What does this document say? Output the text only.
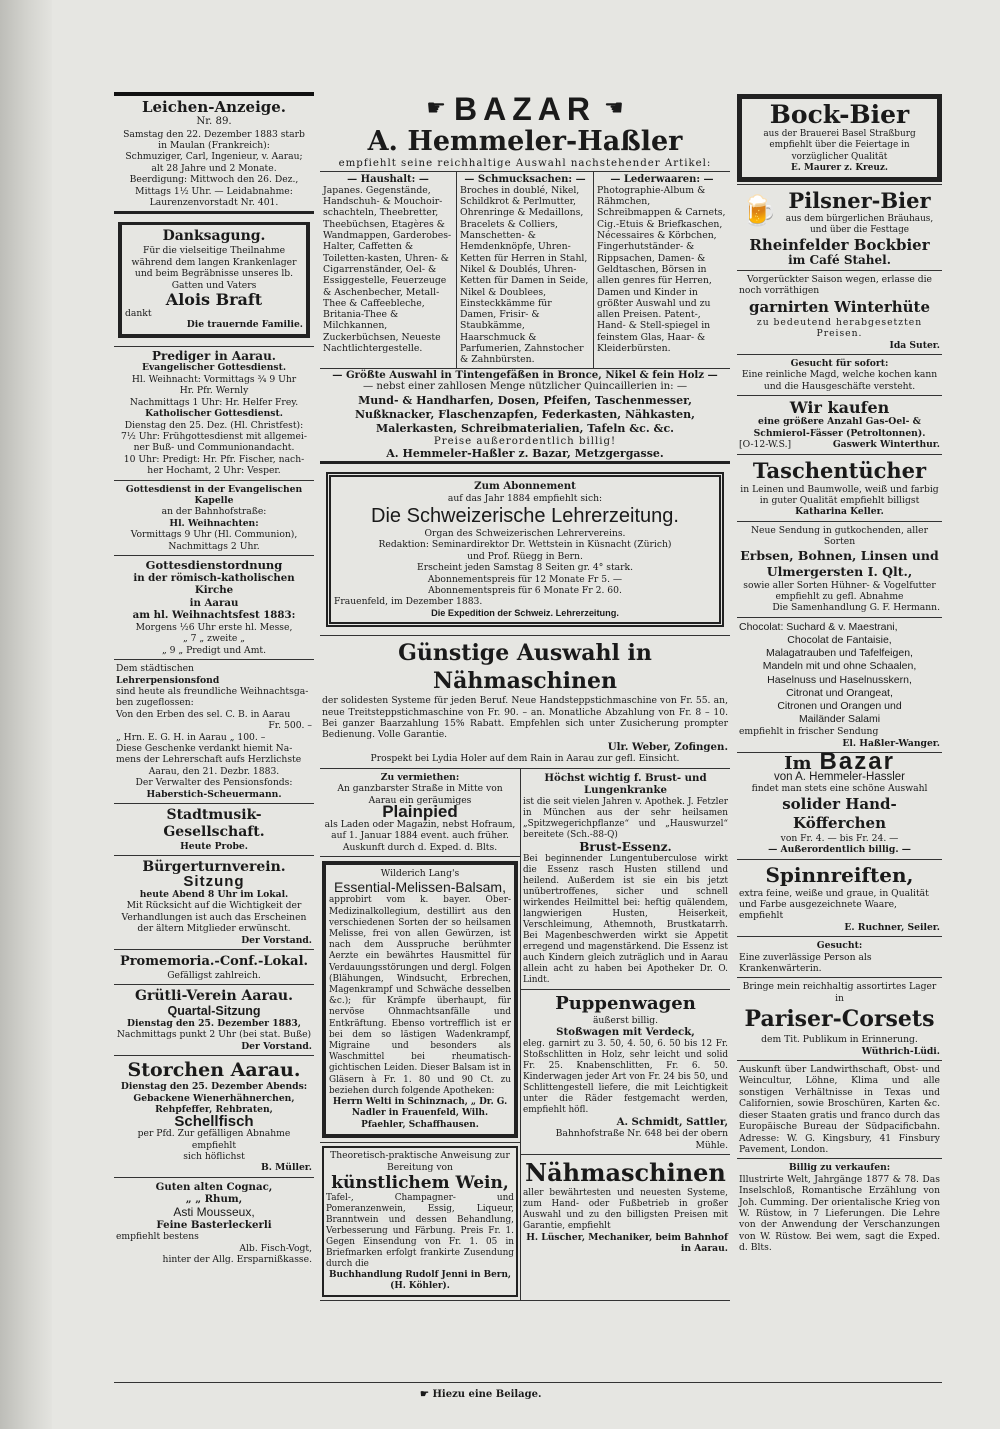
Leichen-Anzeige.
Nr. 89.
Samstag den 22. Dezember 1883 starb
in Maulan (Frankreich):
Schmuziger, Carl, Ingenieur, v. Aarau;
alt 28 Jahre und 2 Monate.
Beerdigung: Mittwoch den 26. Dez.,
Mittags 1½ Uhr. — Leidabnahme:
Laurenzenvorstadt Nr. 401.
Danksagung.
Für die vielseitige Theilnahme
während dem langen Krankenlager
und beim Begräbnisse unseres lb.
Gatten und Vaters
Alois Braft
dankt
Die trauernde Familie.
Prediger in Aarau.
Evangelischer Gottesdienst.
Hl. Weihnacht: Vormittags ¾ 9 Uhr
Hr. Pfr. Wernly
Nachmittags 1 Uhr: Hr. Helfer Frey.
Katholischer Gottesdienst.
Dienstag den 25. Dez. (Hl. Christfest):
7½ Uhr: Frühgottesdienst mit allgemei-
ner Buß- und Communionandacht.
10 Uhr: Predigt: Hr. Pfr. Fischer, nach-
her Hochamt, 2 Uhr: Vesper.
Gottesdienst in der Evangelischen Kapelle
an der Bahnhofstraße:
Hl. Weihnachten:
Vormittags 9 Uhr (Hl. Communion),
Nachmittags 2 Uhr.
Gottesdienstordnung
in der römisch-katholischen Kirche
in Aarau
am hl. Weihnachtsfest 1883:
Morgens ½6 Uhr erste hl. Messe,
„ 7 „ zweite „
„ 9 „ Predigt und Amt.
Dem städtischen
Lehrerpensionsfond
sind heute als freundliche Weihnachtsga-
ben zugeflossen:
Von den Erben des sel. C. B. in Aarau
Fr. 500. –
„ Hrn. E. G. H. in Aarau „ 100. –
Diese Geschenke verdankt hiemit Na-
mens der Lehrerschaft aufs Herzlichste
Aarau, den 21. Dezbr. 1883.
Der Verwalter des Pensionsfonds:
Haberstich-Scheuermann.
Stadtmusik-Gesellschaft.
Heute Probe.
Bürgerturnverein.
Sitzung
heute Abend 8 Uhr im Lokal.
Mit Rücksicht auf die Wichtigkeit der
Verhandlungen ist auch das Erscheinen
der ältern Mitglieder erwünscht.
Der Vorstand.
Promemoria.-Conf.-Lokal.
Gefälligst zahlreich.
Grütli-Verein Aarau.
Quartal-Sitzung
Dienstag den 25. Dezember 1883,
Nachmittags punkt 2 Uhr (bei stat. Buße)
Der Vorstand.
Storchen Aarau.
Dienstag den 25. Dezember Abends:
Gebackene Wienerhähnerchen,
Rehpfeffer, Rehbraten,
Schellfisch
per Pfd. Zur gefälligen Abnahme empfiehlt
sich höflichst
B. Müller.
Guten alten Cognac,
„ „ Rhum,
Asti Mousseux,
Feine Basterleckerli
empfiehlt bestens
Alb. Fisch-Vogt,
hinter der Allg. Ersparnißkasse.
☛ BAZAR ☚
A. Hemmeler-Haßler
empfiehlt seine reichhaltige Auswahl nachstehender Artikel:
— Haushalt: —
Japanes. Gegenstände, Handschuh- & Mouchoir-schachteln, Theebretter, Theebüchsen, Etagères & Wandmappen, Garderobes-Halter, Caffetten & Toiletten-kasten, Uhren- & Cigarrenständer, Oel- & Essiggestelle, Feuerzeuge & Aschenbecher, Metall-Thee & Caffeebleche, Britania-Thee & Milchkannen, Zuckerbüchsen, Neueste Nachtlichtergestelle.
— Schmucksachen: —
Broches in doublé, Nikel, Schildkrot & Perlmutter, Ohrenringe & Medaillons, Bracelets & Colliers, Manschetten- & Hemdenknöpfe, Uhren-Ketten für Herren in Stahl, Nikel & Doublés, Uhren-Ketten für Damen in Seide, Nikel & Doublees, Einsteckkämme für Damen, Frisir- & Staubkämme, Haarschmuck & Parfumerien, Zahnstocher & Zahnbürsten.
— Lederwaaren: —
Photographie-Album & Rähmchen, Schreibmappen & Carnets, Cig.-Etuis & Briefkaschen, Nécessaires & Körbchen, Fingerhutständer- & Rippsachen, Damen- & Geldtaschen, Börsen in allen genres für Herren, Damen und Kinder in größter Auswahl und zu allen Preisen. Patent-, Hand- & Stell-spiegel in feinstem Glas, Haar- & Kleiderbürsten.
— Größte Auswahl in Tintengefäßen in Bronce, Nikel & fein Holz —
— nebst einer zahllosen Menge nützlicher Quincaillerien in: —
Mund- & Handharfen, Dosen, Pfeifen, Taschenmesser, Nußknacker, Flaschenzapfen, Federkasten, Nähkasten, Malerkasten, Schreibmaterialien, Tafeln &c. &c.
Preise außerordentlich billig!
A. Hemmeler-Haßler z. Bazar, Metzgergasse.
Zum Abonnement
auf das Jahr 1884 empfiehlt sich:
Die Schweizerische Lehrerzeitung.
Organ des Schweizerischen Lehrervereins.
Redaktion: Seminardirektor Dr. Wettstein in Küsnacht (Zürich)
und Prof. Rüegg in Bern.
Erscheint jeden Samstag 8 Seiten gr. 4° stark.
Abonnementspreis für 12 Monate Fr 5. —
Abonnementspreis für 6 Monate Fr 2. 60.
Frauenfeld, im Dezember 1883.
Die Expedition der Schweiz. Lehrerzeitung.
Günstige Auswahl in Nähmaschinen
der solidesten Systeme für jeden Beruf. Neue Handsteppstichmaschine von Fr. 55. an, neue Treitsteppstichmaschine von Fr. 90. – an. Monatliche Abzahlung von Fr. 8 – 10. Bei ganzer Baarzahlung 15% Rabatt. Empfehlen sich unter Zusicherung prompter Bedienung. Volle Garantie.
Ulr. Weber, Zofingen.
Prospekt bei Lydia Holer auf dem Rain in Aarau zur gefl. Einsicht.
Zu vermiethen:
An ganzbarster Straße in Mitte von
Aarau ein geräumiges
Plainpied
als Laden oder Magazin, nebst Hofraum,
auf 1. Januar 1884 event. auch früher.
Auskunft durch d. Exped. d. Blts.
Wilderich Lang's
Essential-Melissen-Balsam,
approbirt vom k. bayer. Ober-Medizinalkollegium, destillirt aus den verschiedenen Sorten der so heilsamen Melisse, frei von allen Gewürzen, ist nach dem Ausspruche berühmter Aerzte ein bewährtes Hausmittel für Verdauungsstörungen und dergl. Folgen (Blähungen, Windsucht, Erbrechen, Magenkrampf und Schwäche desselben &c.); für Krämpfe überhaupt, für nervöse Ohnmachtsanfälle und Entkräftung. Ebenso vortrefflich ist er bei dem so lästigen Wadenkrampf, Migraine und besonders als Waschmittel bei rheumatisch-gichtischen Leiden. Dieser Balsam ist in Gläsern à Fr. 1. 80 und 90 Ct. zu beziehen durch folgende Apotheken:
Herrn Welti in Schinznach, „ Dr. G. Nadler in Frauenfeld, Wilh. Pfaehler, Schaffhausen.
Theoretisch-praktische Anweisung zur Bereitung von
künstlichem Wein,
Tafel-, Champagner- und Pomeranzenwein, Essig, Liqueur, Branntwein und dessen Behandlung, Verbesserung und Färbung. Preis Fr. 1. Gegen Einsendung von Fr. 1. 05 in Briefmarken erfolgt frankirte Zusendung durch die
Buchhandlung Rudolf Jenni in Bern, (H. Köhler).
Höchst wichtig f. Brust- und Lungenkranke
ist die seit vielen Jahren v. Apothek. J. Fetzler in München aus der sehr heilsamen „Spitzwegerichpflanze“ und „Hauswurzel“ bereitete (Sch.-88-Q)
Brust-Essenz.
Bei beginnender Lungentuberculose wirkt die Essenz rasch Husten stillend und heilend. Außerdem ist sie ein bis jetzt unübertroffenes, sicher und schnell wirkendes Heilmittel bei: heftig quälendem, langwierigen Husten, Heiserkeit, Verschleimung, Athemnoth, Brustkatarrh. Bei Magenbeschwerden wirkt sie Appetit erregend und magenstärkend. Die Essenz ist auch Kindern gleich zuträglich und in Aarau allein acht zu haben bei Apotheker Dr. O. Lindt.
Puppenwagen
äußerst billig.
Stoßwagen mit Verdeck,
eleg. garnirt zu 3. 50, 4. 50, 6. 50 bis 12 Fr. Stoßschlitten in Holz, sehr leicht und solid Fr. 25. Knabenschlitten, Fr. 6. 50. Kinderwagen jeder Art von Fr. 24 bis 50, und Schlittengestell liefere, die mit Leichtigkeit unter die Räder festgemacht werden, empfiehlt höfl.
A. Schmidt, Sattler,
Bahnhofstraße Nr. 648 bei der obern Mühle.
Nähmaschinen
aller bewährtesten und neuesten Systeme, zum Hand- oder Fußbetrieb in großer Auswahl und zu den billigsten Preisen mit Garantie, empfiehlt
H. Lüscher, Mechaniker, beim Bahnhof in Aarau.
Bock-Bier
aus der Brauerei Basel Straßburg empfiehlt über die Feiertage in vorzüglicher Qualität
E. Maurer z. Kreuz.
🍺 Pilsner-Bier
aus dem bürgerlichen Bräuhaus, und über die Festtage
Rheinfelder Bockbier
im Café Stahel.
Vorgerückter Saison wegen, erlasse die
noch vorräthigen
garnirten Winterhüte
zu bedeutend herabgesetzten Preisen.
Ida Suter.
Gesucht für sofort:
Eine reinliche Magd, welche kochen kann und die Hausgeschäfte versteht.
Wir kaufen
eine größere Anzahl Gas-Oel- & Schmierol-Fässer (Petroltonnen).
[O-12-W.S.]	Gaswerk Winterthur.
Taschentücher
in Leinen und Baumwolle, weiß und farbig in guter Qualität empfiehlt billigst
Katharina Keller.
Neue Sendung in gutkochenden, aller Sorten
Erbsen, Bohnen, Linsen und Ulmergersten I. Qlt.,
sowie aller Sorten Hühner- & Vogelfutter empfiehlt zu gefl. Abnahme
Die Samenhandlung G. F. Hermann.
Chocolat: Suchard & v. Maestrani,
Chocolat de Fantaisie,
Malagatrauben und Tafelfeigen,
Mandeln mit und ohne Schaalen,
Haselnuss und Haselnusskern,
Citronat und Orangeat,
Citronen und Orangen und
Mailänder Salami
empfiehlt in frischer Sendung
El. Haßler-Wanger.
Im Bazar
von A. Hemmeler-Hassler
findet man stets eine schöne Auswahl
solider Hand-Köfferchen
von Fr. 4. — bis Fr. 24. —
— Außerordentlich billig. —
Spinnreiften,
extra feine, weiße und graue, in Qualität und Farbe ausgezeichnete Waare, empfiehlt
E. Ruchner, Seiler.
Gesucht:
Eine zuverlässige Person als Krankenwärterin.
Bringe mein reichhaltig assortirtes Lager in
Pariser-Corsets
dem Tit. Publikum in Erinnerung.
Wüthrich-Lüdi.
Auskunft über Landwirthschaft, Obst- und Weincultur, Löhne, Klima und alle sonstigen Verhältnisse in Texas und Californien, sowie Broschüren, Karten &c. dieser Staaten gratis und franco durch das Europäische Bureau der Südpacificbahn. Adresse: W. G. Kingsbury, 41 Finsbury Pavement, London.
Billig zu verkaufen:
Illustrirte Welt, Jahrgänge 1877 & 78. Das Inselschloß, Romantische Erzählung von Joh. Cumming. Der orientalische Krieg von W. Rüstow, in 7 Lieferungen. Die Lehre von der Anwendung der Verschanzungen von W. Rüstow. Bei wem, sagt die Exped. d. Blts.
☛ Hiezu eine Beilage.
